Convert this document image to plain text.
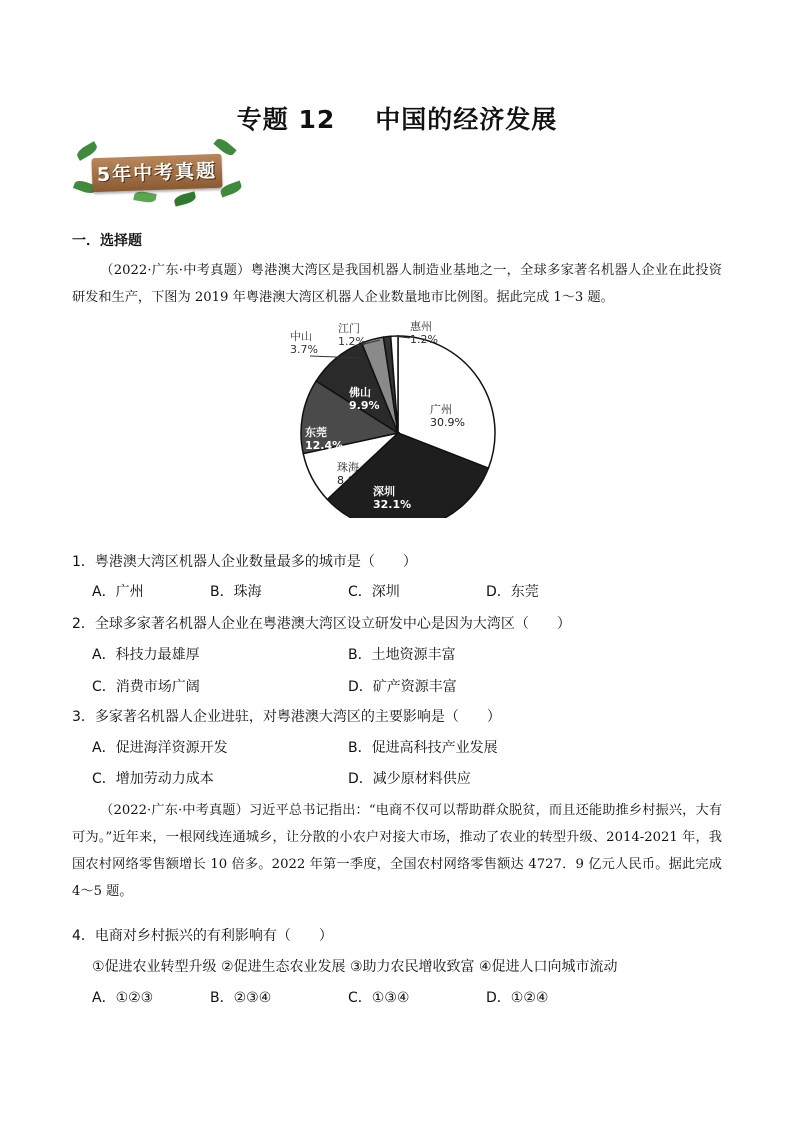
专题 12 中国的经济发展
5年中考真题
一．选择题
（2022·广东·中考真题）粤港澳大湾区是我国机器人制造业基地之一，全球多家著名机器人企业在此投资研发和生产，下图为 2019 年粤港澳大湾区机器人企业数量地市比例图。据此完成 1～3 题。
广州
30.9%
深圳
32.1%
珠海
8.6%
东莞
12.4%
佛山
9.9%
中山
3.7%
江门
1.2%
惠州
1.2%
1．粤港澳大湾区机器人企业数量最多的城市是（　　）
A．广州	B．珠海	C．深圳	D．东莞
2．全球多家著名机器人企业在粤港澳大湾区设立研发中心是因为大湾区（　　）
A．科技力最雄厚	B．土地资源丰富
C．消费市场广阔	D．矿产资源丰富
3．多家著名机器人企业进驻，对粤港澳大湾区的主要影响是（　　）
A．促进海洋资源开发	B．促进高科技产业发展
C．增加劳动力成本	D．减少原材料供应
（2022·广东·中考真题）习近平总书记指出：“电商不仅可以帮助群众脱贫，而且还能助推乡村振兴，大有可为。”近年来，一根网线连通城乡，让分散的小农户对接大市场，推动了农业的转型升级、2014-2021 年，我国农村网络零售额增长 10 倍多。2022 年第一季度，全国农村网络零售额达 4727．9 亿元人民币。据此完成 4～5 题。
4．电商对乡村振兴的有利影响有（　　）
①促进农业转型升级 ②促进生态农业发展 ③助力农民增收致富 ④促进人口向城市流动
A．①②③	B．②③④	C．①③④	D．①②④
